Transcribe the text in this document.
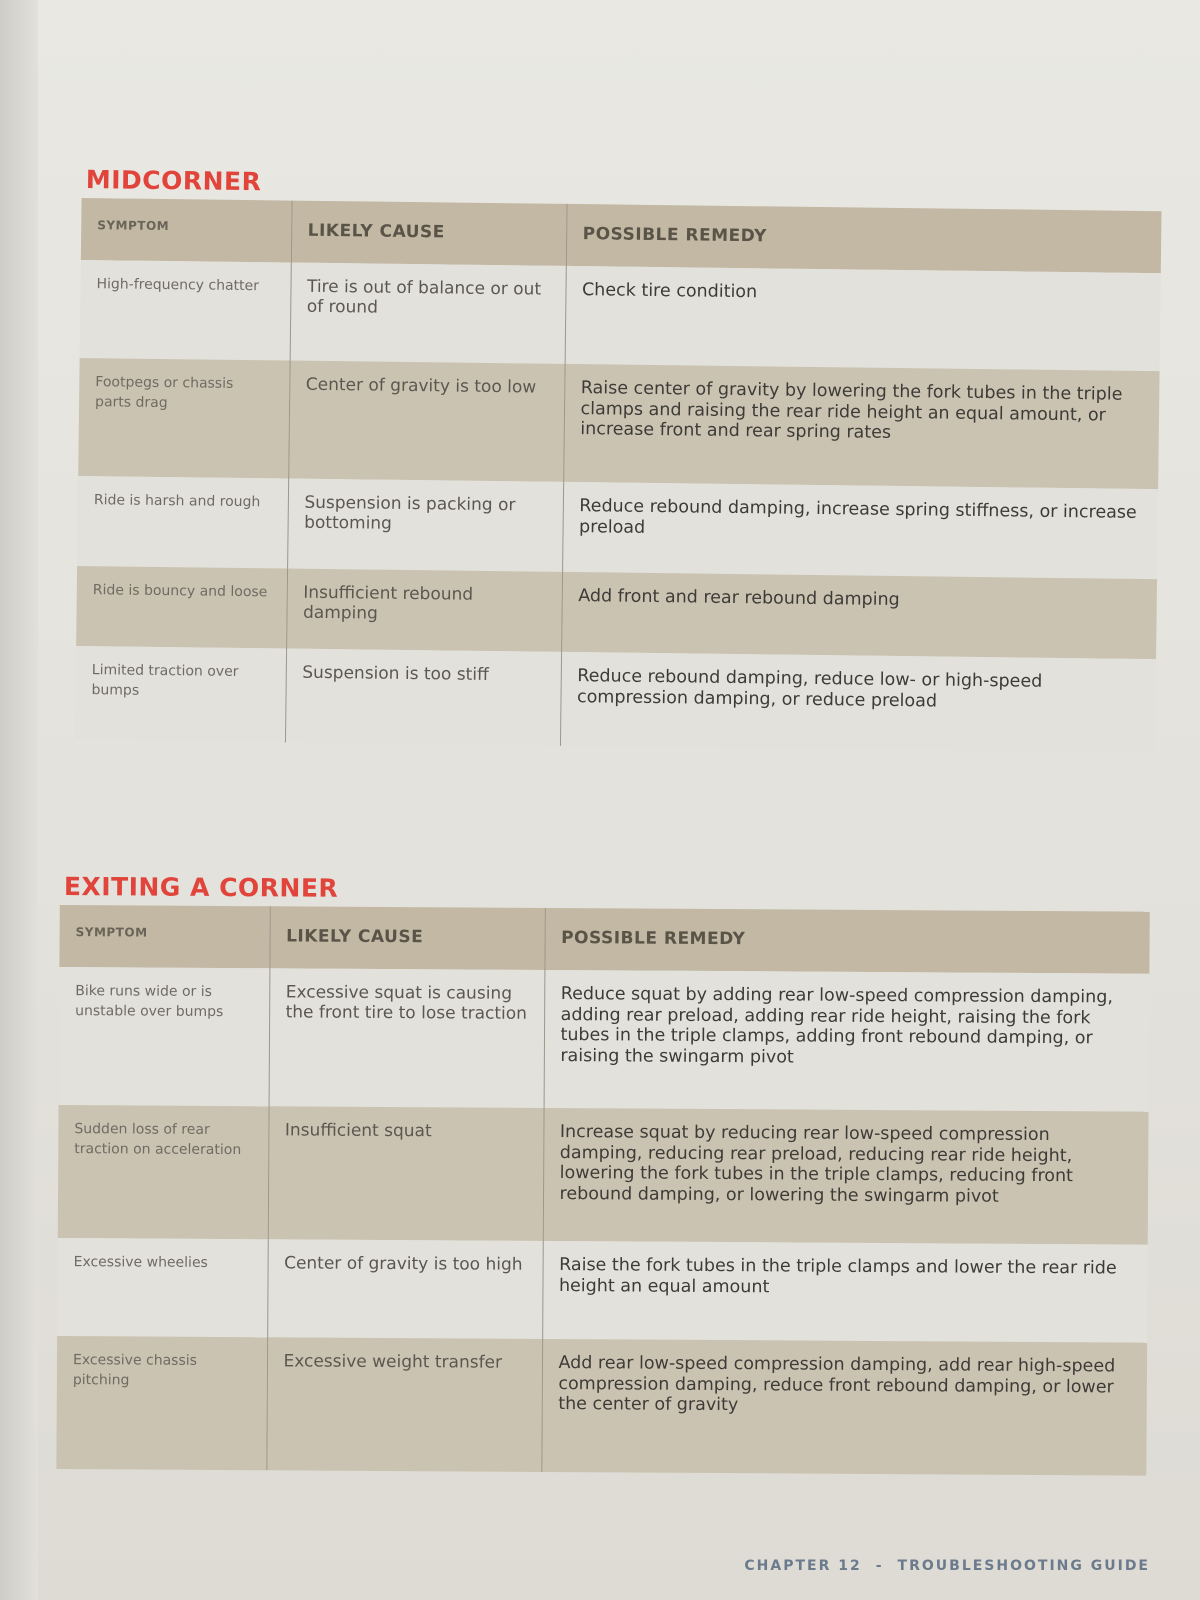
MIDCORNER
SYMPTOM	LIKELY CAUSE	POSSIBLE REMEDY
High-frequency chatter	Tire is out of balance or out of round	Check tire condition
Footpegs or chassis parts drag	Center of gravity is too low	Raise center of gravity by lowering the fork tubes in the triple clamps and raising the rear ride height an equal amount, or increase front and rear spring rates
Ride is harsh and rough	Suspension is packing or bottoming	Reduce rebound damping, increase spring stiffness, or increase preload
Ride is bouncy and loose	Insufficient rebound damping	Add front and rear rebound damping
Limited traction over bumps	Suspension is too stiff	Reduce rebound damping, reduce low- or high-speed compression damping, or reduce preload
EXITING A CORNER
SYMPTOM	LIKELY CAUSE	POSSIBLE REMEDY
Bike runs wide or is unstable over bumps	Excessive squat is causing the front tire to lose traction	Reduce squat by adding rear low-speed compression damping, adding rear preload, adding rear ride height, raising the fork tubes in the triple clamps, adding front rebound damping, or raising the swingarm pivot
Sudden loss of rear traction on acceleration	Insufficient squat	Increase squat by reducing rear low-speed compression damping, reducing rear preload, reducing rear ride height, lowering the fork tubes in the triple clamps, reducing front rebound damping, or lowering the swingarm pivot
Excessive wheelies	Center of gravity is too high	Raise the fork tubes in the triple clamps and lower the rear ride height an equal amount
Excessive chassis pitching	Excessive weight transfer	Add rear low-speed compression damping, add rear high-speed compression damping, reduce front rebound damping, or lower the center of gravity
CHAPTER 12 - TROUBLESHOOTING GUIDE
